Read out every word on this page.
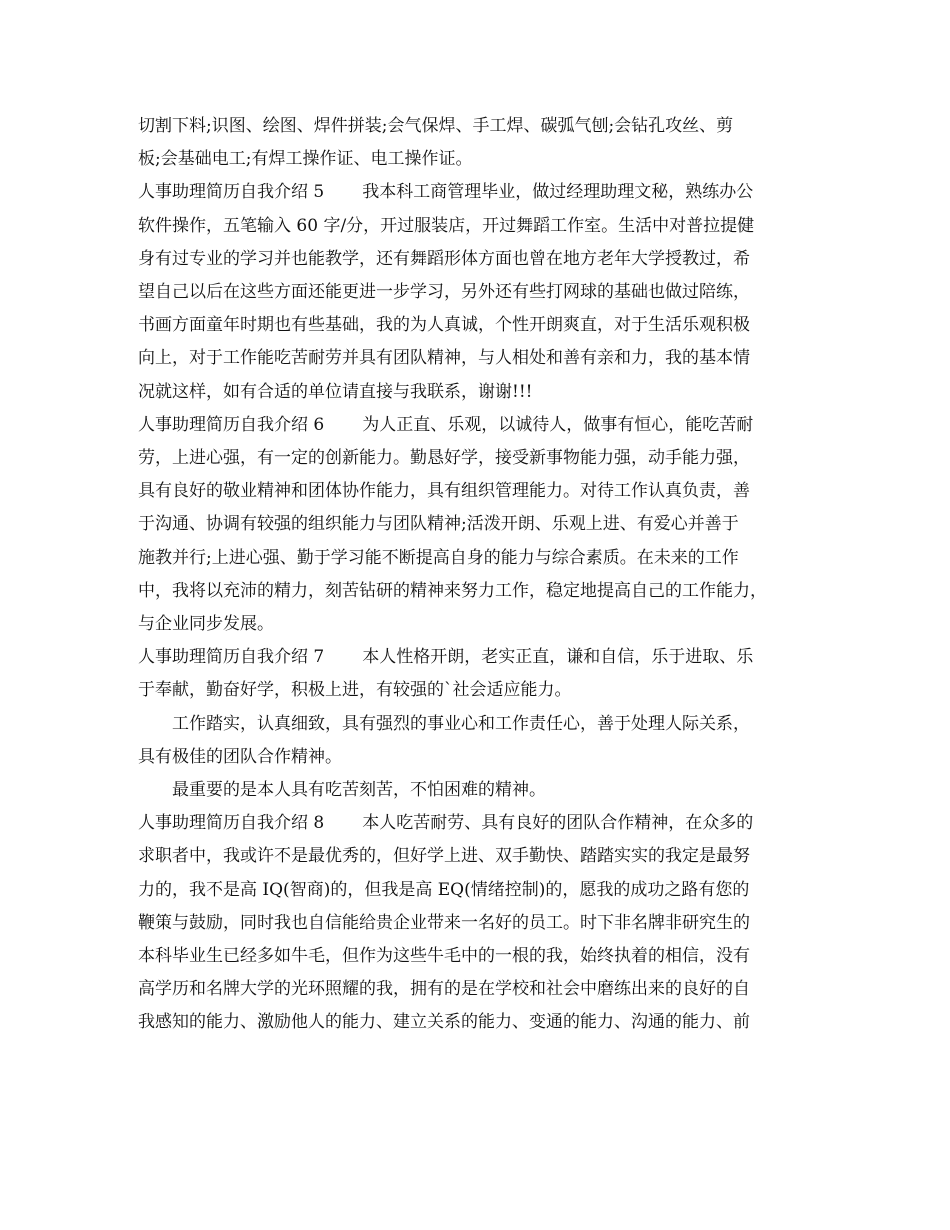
切割下料;识图、绘图、焊件拼装;会气保焊、手工焊、碳弧气刨;会钻孔攻丝、剪
板;会基础电工;有焊工操作证、电工操作证。
人事助理简历自我介绍 5 我本科工商管理毕业，做过经理助理文秘，熟练办公
软件操作，五笔输入 60 字/分，开过服装店，开过舞蹈工作室。生活中对普拉提健
身有过专业的学习并也能教学，还有舞蹈形体方面也曾在地方老年大学授教过，希
望自己以后在这些方面还能更进一步学习，另外还有些打网球的基础也做过陪练，
书画方面童年时期也有些基础，我的为人真诚，个性开朗爽直，对于生活乐观积极
向上，对于工作能吃苦耐劳并具有团队精神，与人相处和善有亲和力，我的基本情
况就这样，如有合适的单位请直接与我联系，谢谢!!!
人事助理简历自我介绍 6 为人正直、乐观，以诚待人，做事有恒心，能吃苦耐
劳，上进心强，有一定的创新能力。勤恳好学，接受新事物能力强，动手能力强，
具有良好的敬业精神和团体协作能力，具有组织管理能力。对待工作认真负责，善
于沟通、协调有较强的组织能力与团队精神;活泼开朗、乐观上进、有爱心并善于
施教并行;上进心强、勤于学习能不断提高自身的能力与综合素质。在未来的工作
中，我将以充沛的精力，刻苦钻研的精神来努力工作，稳定地提高自己的工作能力，
与企业同步发展。
人事助理简历自我介绍 7 本人性格开朗，老实正直，谦和自信，乐于进取、乐
于奉献，勤奋好学，积极上进，有较强的`社会适应能力。
工作踏实，认真细致，具有强烈的事业心和工作责任心，善于处理人际关系，
具有极佳的团队合作精神。
最重要的是本人具有吃苦刻苦，不怕困难的精神。
人事助理简历自我介绍 8 本人吃苦耐劳、具有良好的团队合作精神，在众多的
求职者中，我或许不是最优秀的，但好学上进、双手勤快、踏踏实实的我定是最努
力的，我不是高 IQ(智商)的，但我是高 EQ(情绪控制)的，愿我的成功之路有您的
鞭策与鼓励，同时我也自信能给贵企业带来一名好的员工。时下非名牌非研究生的
本科毕业生已经多如牛毛，但作为这些牛毛中的一根的我，始终执着的相信，没有
高学历和名牌大学的光环照耀的我，拥有的是在学校和社会中磨练出来的良好的自
我感知的能力、激励他人的能力、建立关系的能力、变通的能力、沟通的能力、前
